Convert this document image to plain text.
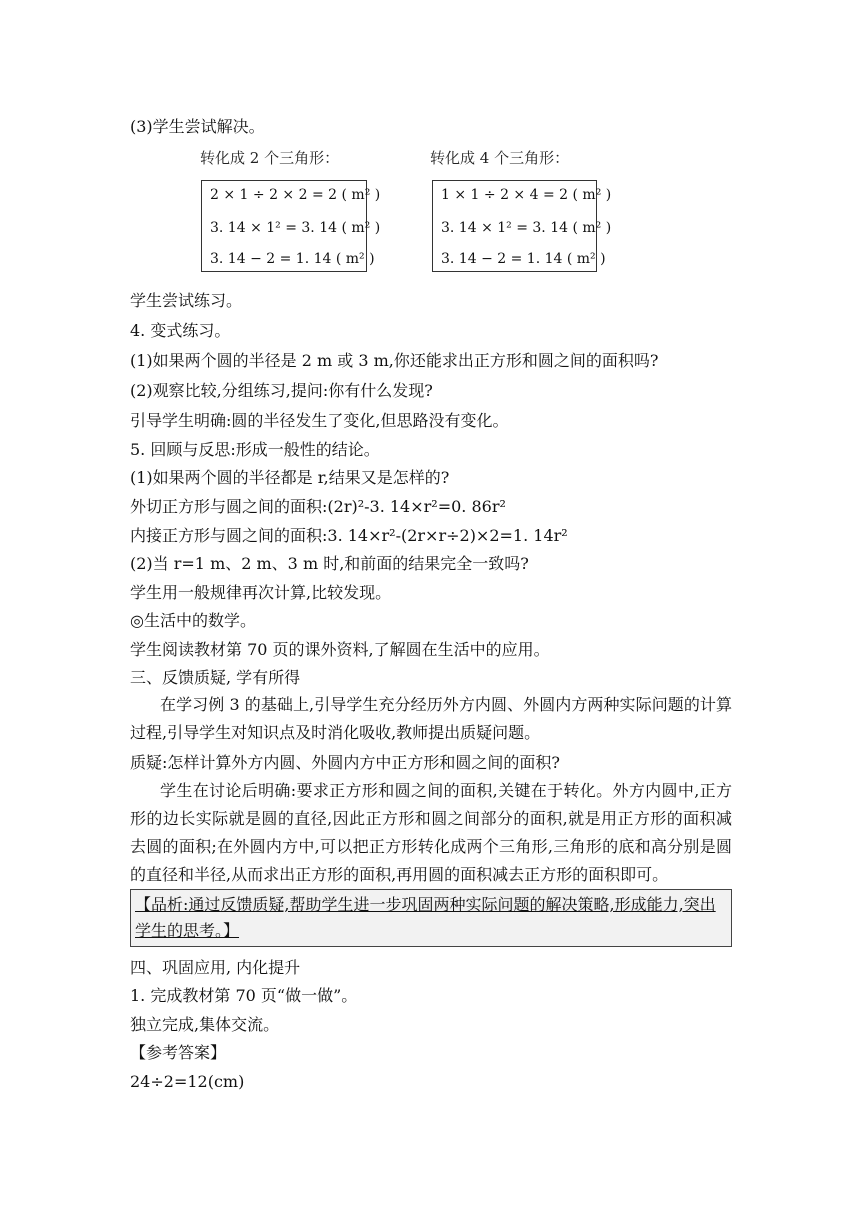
(3)学生尝试解决。
转化成 2 个三角形：	转化成 4 个三角形：
2 × 1 ÷ 2 × 2 = 2 ( m² )
3. 14 × 1² = 3. 14 ( m² )
3. 14 − 2 = 1. 14 ( m² )
1 × 1 ÷ 2 × 4 = 2 ( m² )
3. 14 × 1² = 3. 14 ( m² )
3. 14 − 2 = 1. 14 ( m² )
学生尝试练习。
4. 变式练习。
(1)如果两个圆的半径是 2 m 或 3 m,你还能求出正方形和圆之间的面积吗?
(2)观察比较,分组练习,提问:你有什么发现?
引导学生明确:圆的半径发生了变化,但思路没有变化。
5. 回顾与反思:形成一般性的结论。
(1)如果两个圆的半径都是 r,结果又是怎样的?
外切正方形与圆之间的面积:(2r)²-3. 14×r²=0. 86r²
内接正方形与圆之间的面积:3. 14×r²-(2r×r÷2)×2=1. 14r²
(2)当 r=1 m、2 m、3 m 时,和前面的结果完全一致吗?
学生用一般规律再次计算,比较发现。
◎生活中的数学。
学生阅读教材第 70 页的课外资料,了解圆在生活中的应用。
三、反馈质疑, 学有所得
在学习例 3 的基础上,引导学生充分经历外方内圆、外圆内方两种实际问题的计算过程,引导学生对知识点及时消化吸收,教师提出质疑问题。
质疑:怎样计算外方内圆、外圆内方中正方形和圆之间的面积?
学生在讨论后明确:要求正方形和圆之间的面积,关键在于转化。外方内圆中,正方形的边长实际就是圆的直径,因此正方形和圆之间部分的面积,就是用正方形的面积减去圆的面积;在外圆内方中,可以把正方形转化成两个三角形,三角形的底和高分别是圆的直径和半径,从而求出正方形的面积,再用圆的面积减去正方形的面积即可。
【品析:通过反馈质疑,帮助学生进一步巩固两种实际问题的解决策略,形成能力,突出学生的思考。】
四、巩固应用, 内化提升
1. 完成教材第 70 页“做一做”。
独立完成,集体交流。
【参考答案】
24÷2=12(cm)
